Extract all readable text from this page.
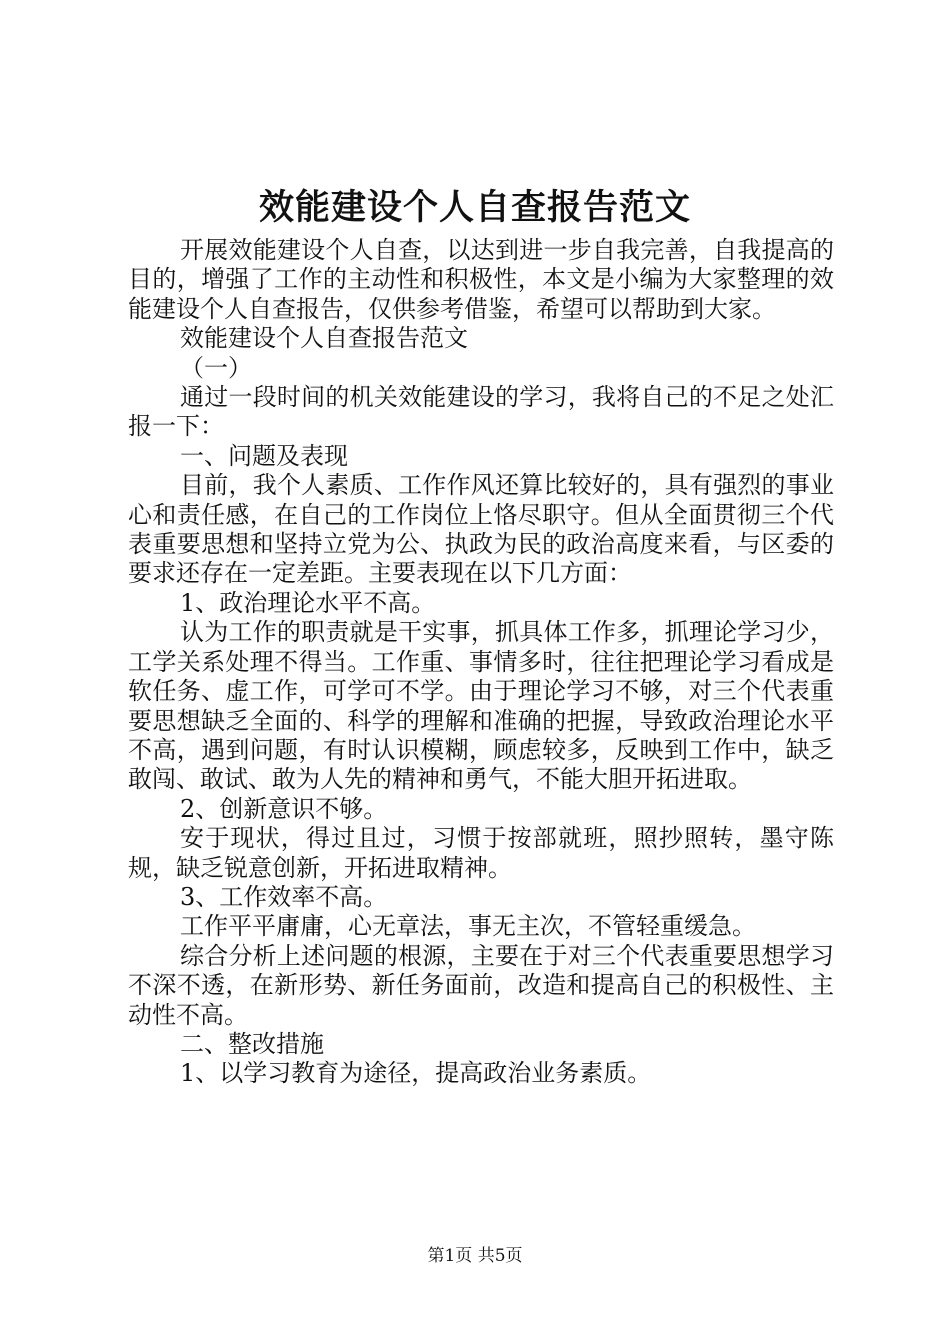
效能建设个人自查报告范文

开展效能建设个人自查，以达到进一步自我完善，自我提高的目的，增强了工作的主动性和积极性，本文是小编为大家整理的效能建设个人自查报告，仅供参考借鉴，希望可以帮助到大家。

效能建设个人自查报告范文

（一）

通过一段时间的机关效能建设的学习，我将自己的不足之处汇报一下：

一、问题及表现

目前，我个人素质、工作作风还算比较好的，具有强烈的事业心和责任感，在自己的工作岗位上恪尽职守。但从全面贯彻三个代表重要思想和坚持立党为公、执政为民的政治高度来看，与区委的要求还存在一定差距。主要表现在以下几方面：

1、政治理论水平不高。

认为工作的职责就是干实事，抓具体工作多，抓理论学习少，工学关系处理不得当。工作重、事情多时，往往把理论学习看成是软任务、虚工作，可学可不学。由于理论学习不够，对三个代表重要思想缺乏全面的、科学的理解和准确的把握，导致政治理论水平不高，遇到问题，有时认识模糊，顾虑较多，反映到工作中，缺乏敢闯、敢试、敢为人先的精神和勇气，不能大胆开拓进取。

2、创新意识不够。

安于现状，得过且过，习惯于按部就班，照抄照转，墨守陈规，缺乏锐意创新，开拓进取精神。

3、工作效率不高。

工作平平庸庸，心无章法，事无主次，不管轻重缓急。

综合分析上述问题的根源，主要在于对三个代表重要思想学习不深不透，在新形势、新任务面前，改造和提高自己的积极性、主动性不高。

二、整改措施

1、以学习教育为途径，提高政治业务素质。

第1页 共5页
